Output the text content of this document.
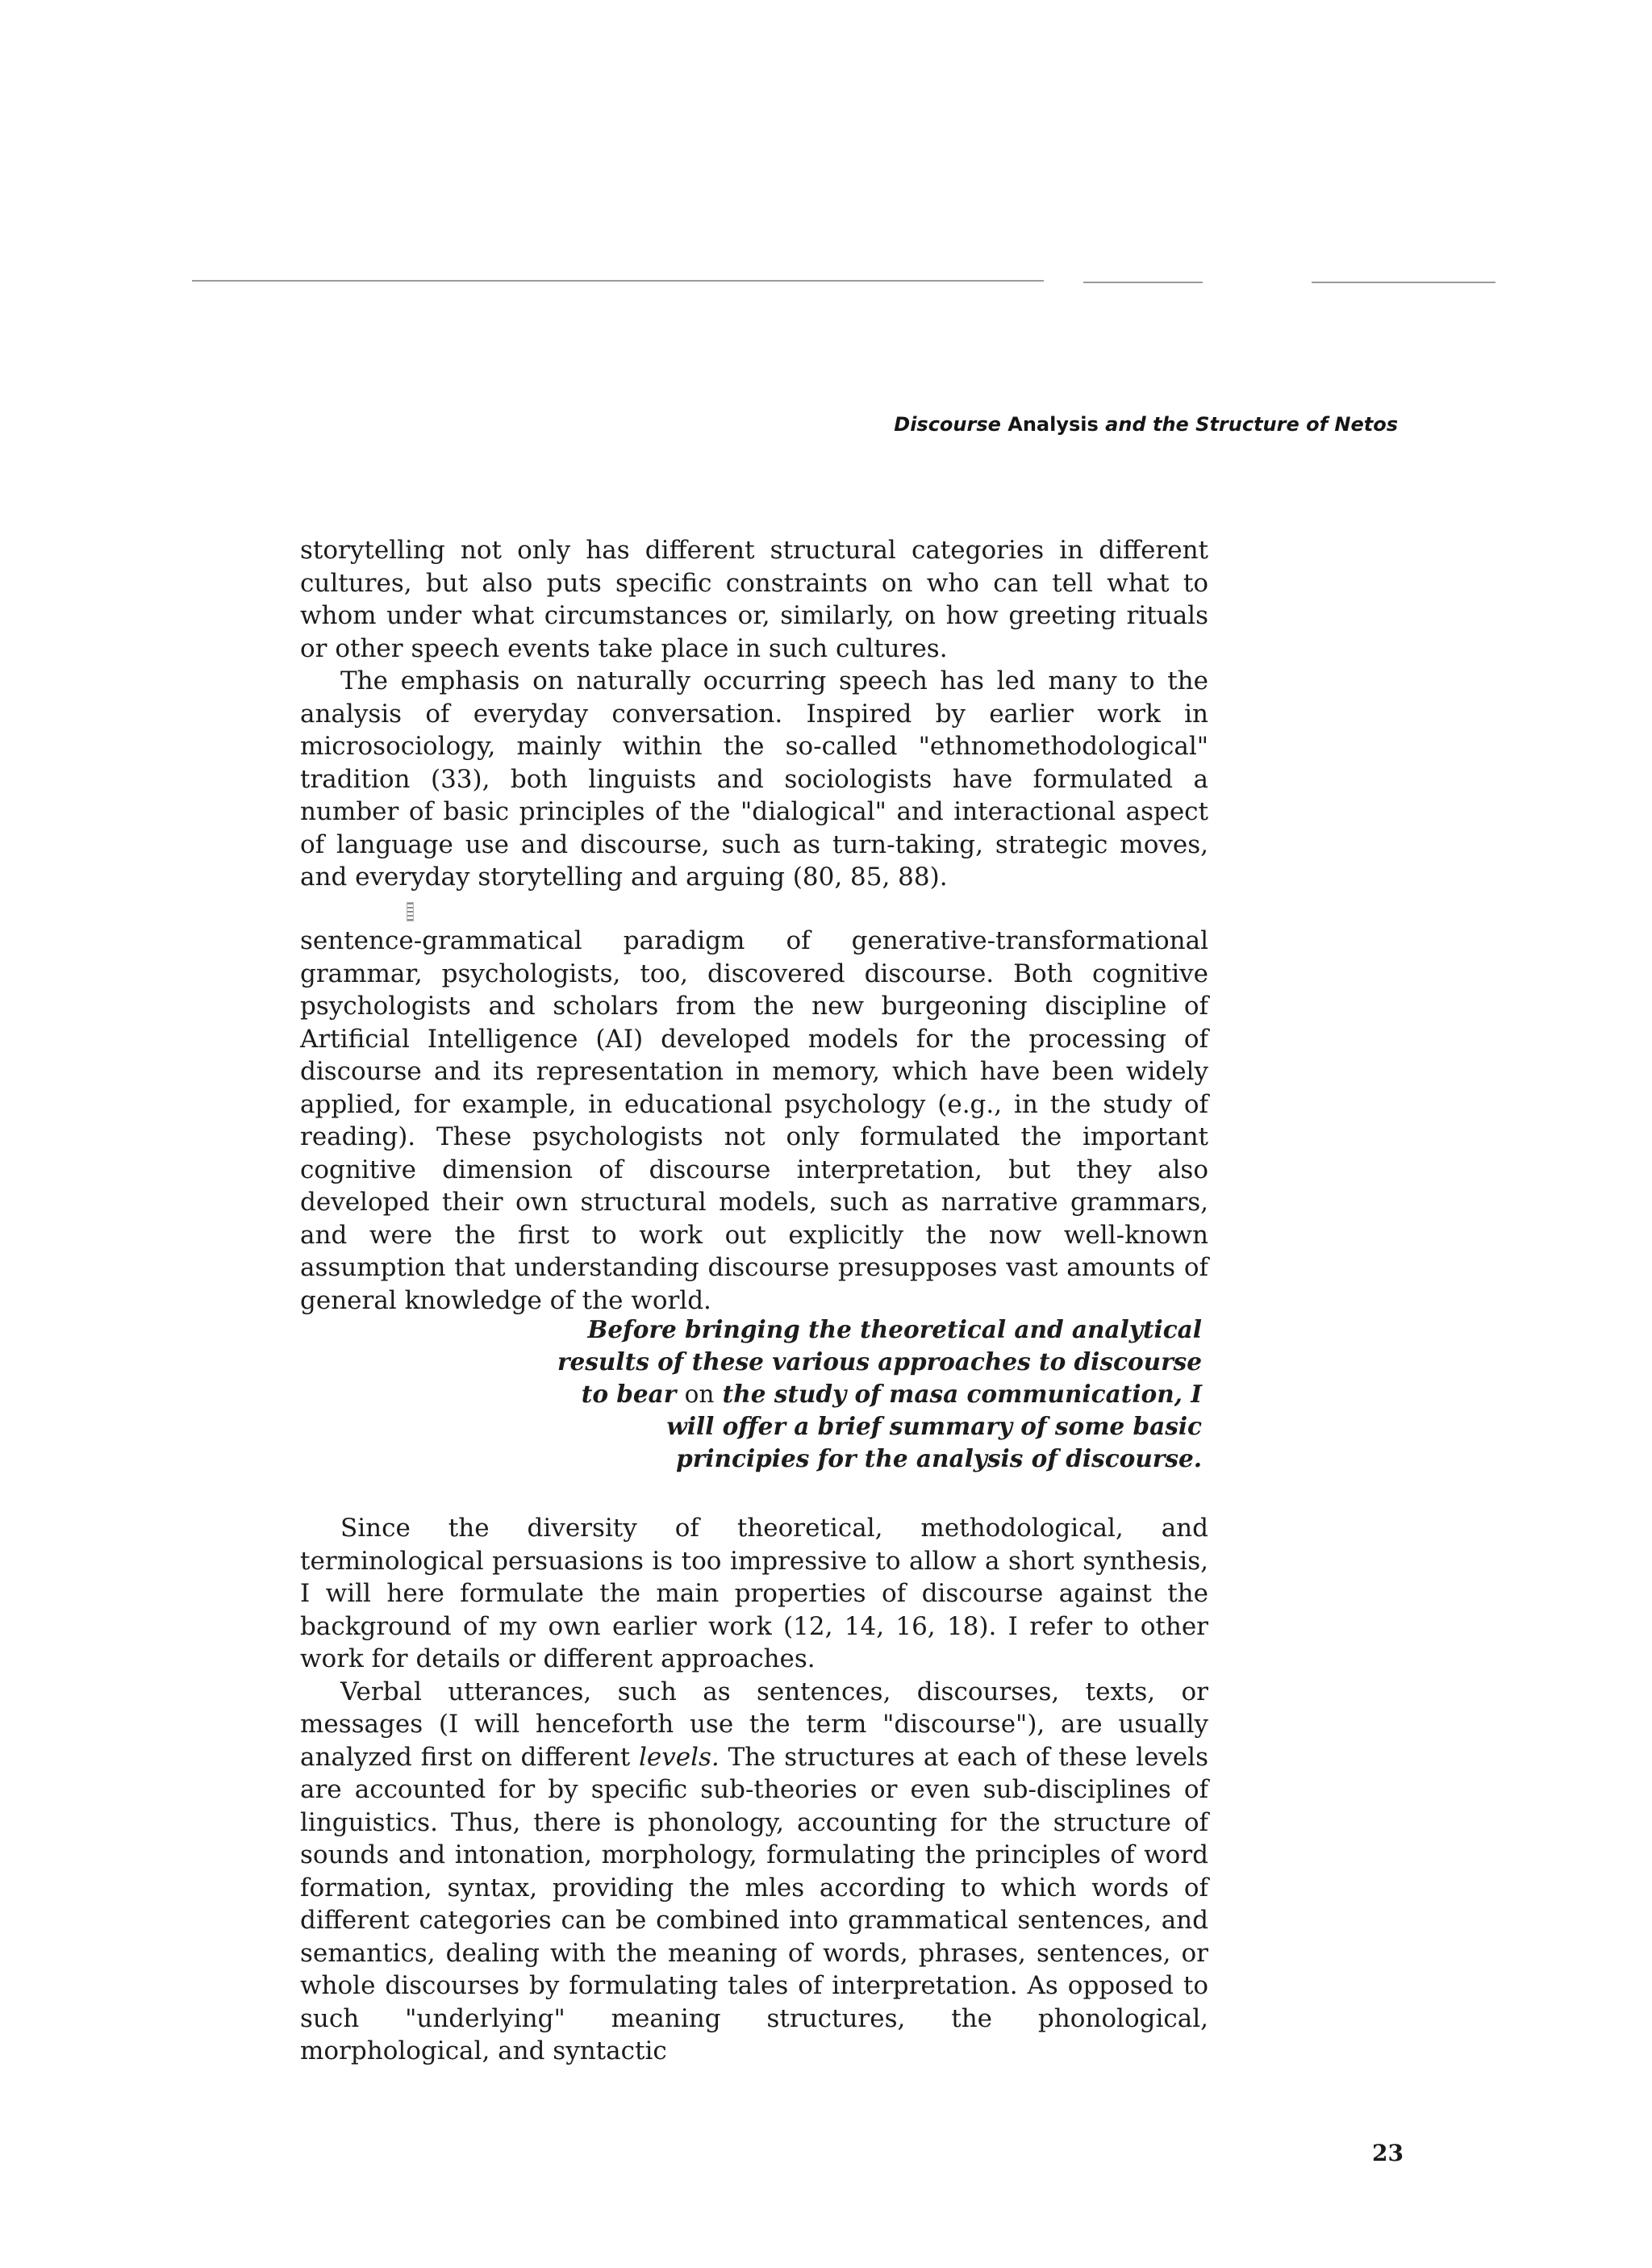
Discourse Analysis and the Structure of Netos

storytelling not only has different structural categories in different cultures, but also puts specific constraints on who can tell what to whom under what circumstances or, similarly, on how greeting rituals or other speech events take place in such cultures.

The emphasis on naturally occurring speech has led many to the analysis of everyday conversation. Inspired by earlier work in microsociology, mainly within the so-called "ethnomethodological" tradition (33), both linguists and sociologists have formulated a number of basic principles of the "dialogical" and interactional aspect of language use and discourse, such as turn-taking, strategic moves, and everyday storytelling and arguing (80, 85, 88).

sentence-grammatical paradigm of generative-transformational grammar, psychologists, too, discovered discourse. Both cognitive psychologists and scholars from the new burgeoning discipline of Artificial Intelligence (AI) developed models for the processing of discourse and its representation in memory, which have been widely applied, for example, in educational psychology (e.g., in the study of reading). These psychologists not only formulated the important cognitive dimension of discourse interpretation, but they also developed their own structural models, such as narrative grammars, and were the first to work out explicitly the now well-known assumption that understanding discourse presupposes vast amounts of general knowledge of the world.

Before bringing the theoretical and analytical
results of these various approaches to discourse
to bear on the study of masa communication, I
will offer a brief summary of some basic
principies for the analysis of discourse.

Since the diversity of theoretical, methodological, and terminological persuasions is too impressive to allow a short synthesis, I will here formulate the main properties of discourse against the background of my own earlier work (12, 14, 16, 18). I refer to other work for details or different approaches.

Verbal utterances, such as sentences, discourses, texts, or messages (I will henceforth use the term "discourse"), are usually analyzed first on different levels. The structures at each of these levels are accounted for by specific sub-theories or even sub-disciplines of linguistics. Thus, there is phonology, accounting for the structure of sounds and intonation, morphology, formulating the principles of word formation, syntax, providing the mles according to which words of different categories can be combined into grammatical sentences, and semantics, dealing with the meaning of words, phrases, sentences, or whole discourses by formulating tales of interpretation. As opposed to such "underlying" meaning structures, the phonological, morphological, and syntactic

23
